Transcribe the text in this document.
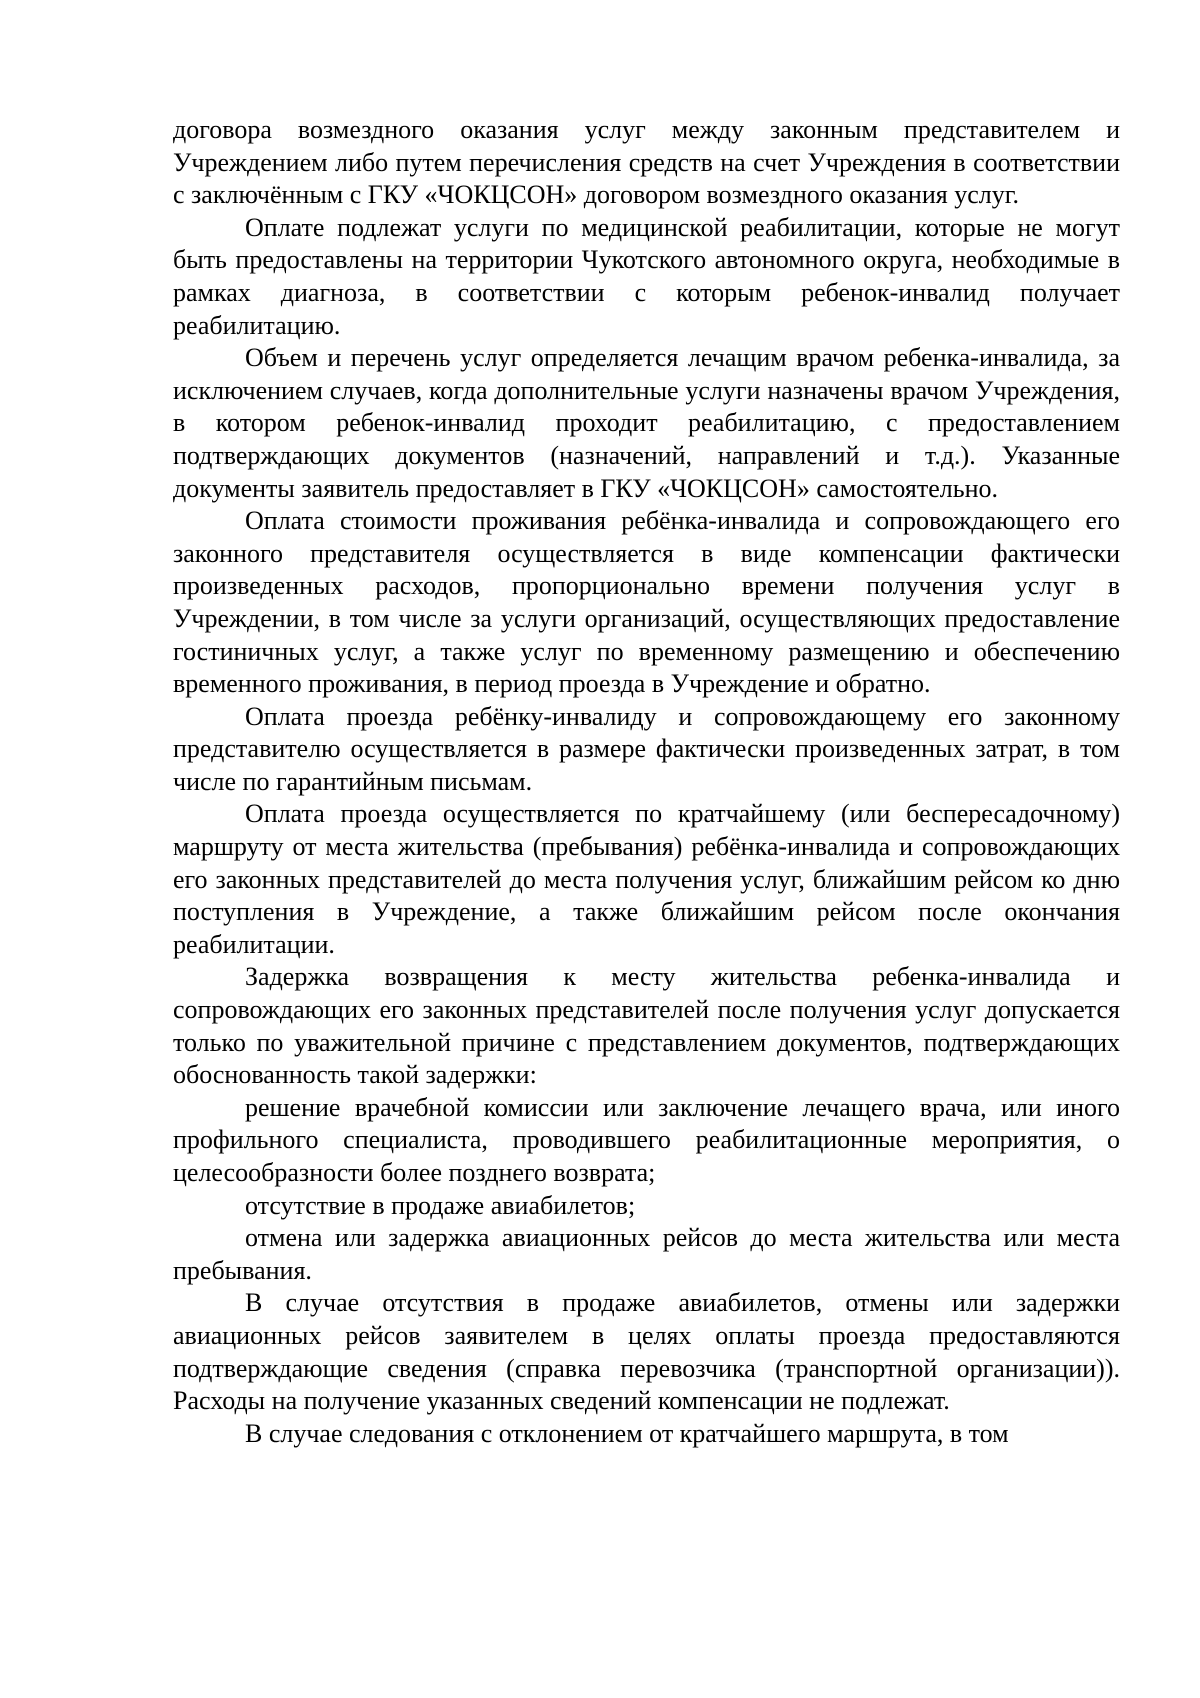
договора возмездного оказания услуг между законным представителем и Учреждением либо путем перечисления средств на счет Учреждения в соответствии с заключённым с ГКУ «ЧОКЦСОН» договором возмездного оказания услуг.

Оплате подлежат услуги по медицинской реабилитации, которые не могут быть предоставлены на территории Чукотского автономного округа, необходимые в рамках диагноза, в соответствии с которым ребенок-инвалид получает реабилитацию.

Объем и перечень услуг определяется лечащим врачом ребенка-инвалида, за исключением случаев, когда дополнительные услуги назначены врачом Учреждения, в котором ребенок-инвалид проходит реабилитацию, с предоставлением подтверждающих документов (назначений, направлений и т.д.). Указанные документы заявитель предоставляет в ГКУ «ЧОКЦСОН» самостоятельно.

Оплата стоимости проживания ребёнка-инвалида и сопровождающего его законного представителя осуществляется в виде компенсации фактически произведенных расходов, пропорционально времени получения услуг в Учреждении, в том числе за услуги организаций, осуществляющих предоставление гостиничных услуг, а также услуг по временному размещению и обеспечению временного проживания, в период проезда в Учреждение и обратно.

Оплата проезда ребёнку-инвалиду и сопровождающему его законному представителю осуществляется в размере фактически произведенных затрат, в том числе по гарантийным письмам.

Оплата проезда осуществляется по кратчайшему (или беспересадочному) маршруту от места жительства (пребывания) ребёнка-инвалида и сопровождающих его законных представителей до места получения услуг, ближайшим рейсом ко дню поступления в Учреждение, а также ближайшим рейсом после окончания реабилитации.

Задержка возвращения к месту жительства ребенка-инвалида и сопровождающих его законных представителей после получения услуг допускается только по уважительной причине с представлением документов, подтверждающих обоснованность такой задержки:

решение врачебной комиссии или заключение лечащего врача, или иного профильного специалиста, проводившего реабилитационные мероприятия, о целесообразности более позднего возврата;

отсутствие в продаже авиабилетов;

отмена или задержка авиационных рейсов до места жительства или места пребывания.

В случае отсутствия в продаже авиабилетов, отмены или задержки авиационных рейсов заявителем в целях оплаты проезда предоставляются подтверждающие сведения (справка перевозчика (транспортной организации)). Расходы на получение указанных сведений компенсации не подлежат.

В случае следования с отклонением от кратчайшего маршрута, в том
